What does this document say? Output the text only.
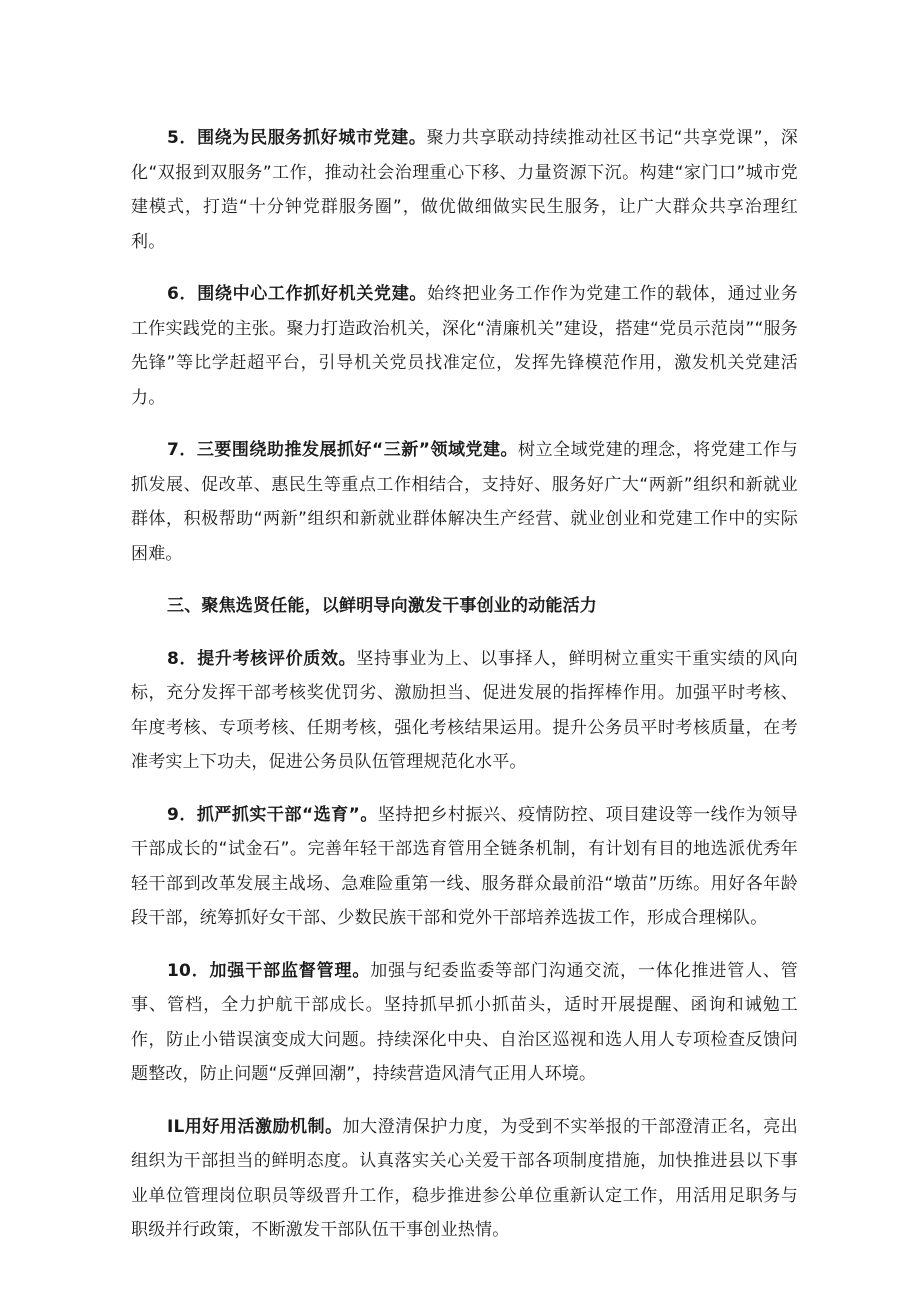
5．围绕为民服务抓好城市党建。聚力共享联动持续推动社区书记“共享党课”，深化“双报到双服务”工作，推动社会治理重心下移、力量资源下沉。构建“家门口”城市党建模式，打造“十分钟党群服务圈”，做优做细做实民生服务，让广大群众共享治理红利。

6．围绕中心工作抓好机关党建。始终把业务工作作为党建工作的载体，通过业务工作实践党的主张。聚力打造政治机关，深化“清廉机关”建设，搭建“党员示范岗”“服务先锋”等比学赶超平台，引导机关党员找准定位，发挥先锋模范作用，激发机关党建活力。

7．三要围绕助推发展抓好“三新”领域党建。树立全域党建的理念，将党建工作与抓发展、促改革、惠民生等重点工作相结合，支持好、服务好广大“两新”组织和新就业群体，积极帮助“两新”组织和新就业群体解决生产经营、就业创业和党建工作中的实际困难。

三、聚焦选贤任能，以鲜明导向激发干事创业的动能活力

8．提升考核评价质效。坚持事业为上、以事择人，鲜明树立重实干重实绩的风向标，充分发挥干部考核奖优罚劣、激励担当、促进发展的指挥棒作用。加强平时考核、年度考核、专项考核、任期考核，强化考核结果运用。提升公务员平时考核质量，在考准考实上下功夫，促进公务员队伍管理规范化水平。

9．抓严抓实干部“选育”。坚持把乡村振兴、疫情防控、项目建设等一线作为领导干部成长的“试金石”。完善年轻干部选育管用全链条机制，有计划有目的地选派优秀年轻干部到改革发展主战场、急难险重第一线、服务群众最前沿“墩苗”历练。用好各年龄段干部，统筹抓好女干部、少数民族干部和党外干部培养选拔工作，形成合理梯队。

10．加强干部监督管理。加强与纪委监委等部门沟通交流，一体化推进管人、管事、管档，全力护航干部成长。坚持抓早抓小抓苗头，适时开展提醒、函询和诫勉工作，防止小错误演变成大问题。持续深化中央、自治区巡视和选人用人专项检查反馈问题整改，防止问题“反弹回潮”，持续营造风清气正用人环境。

IL用好用活激励机制。加大澄清保护力度，为受到不实举报的干部澄清正名，亮出组织为干部担当的鲜明态度。认真落实关心关爱干部各项制度措施，加快推进县以下事业单位管理岗位职员等级晋升工作，稳步推进参公单位重新认定工作，用活用足职务与职级并行政策，不断激发干部队伍干事创业热情。
